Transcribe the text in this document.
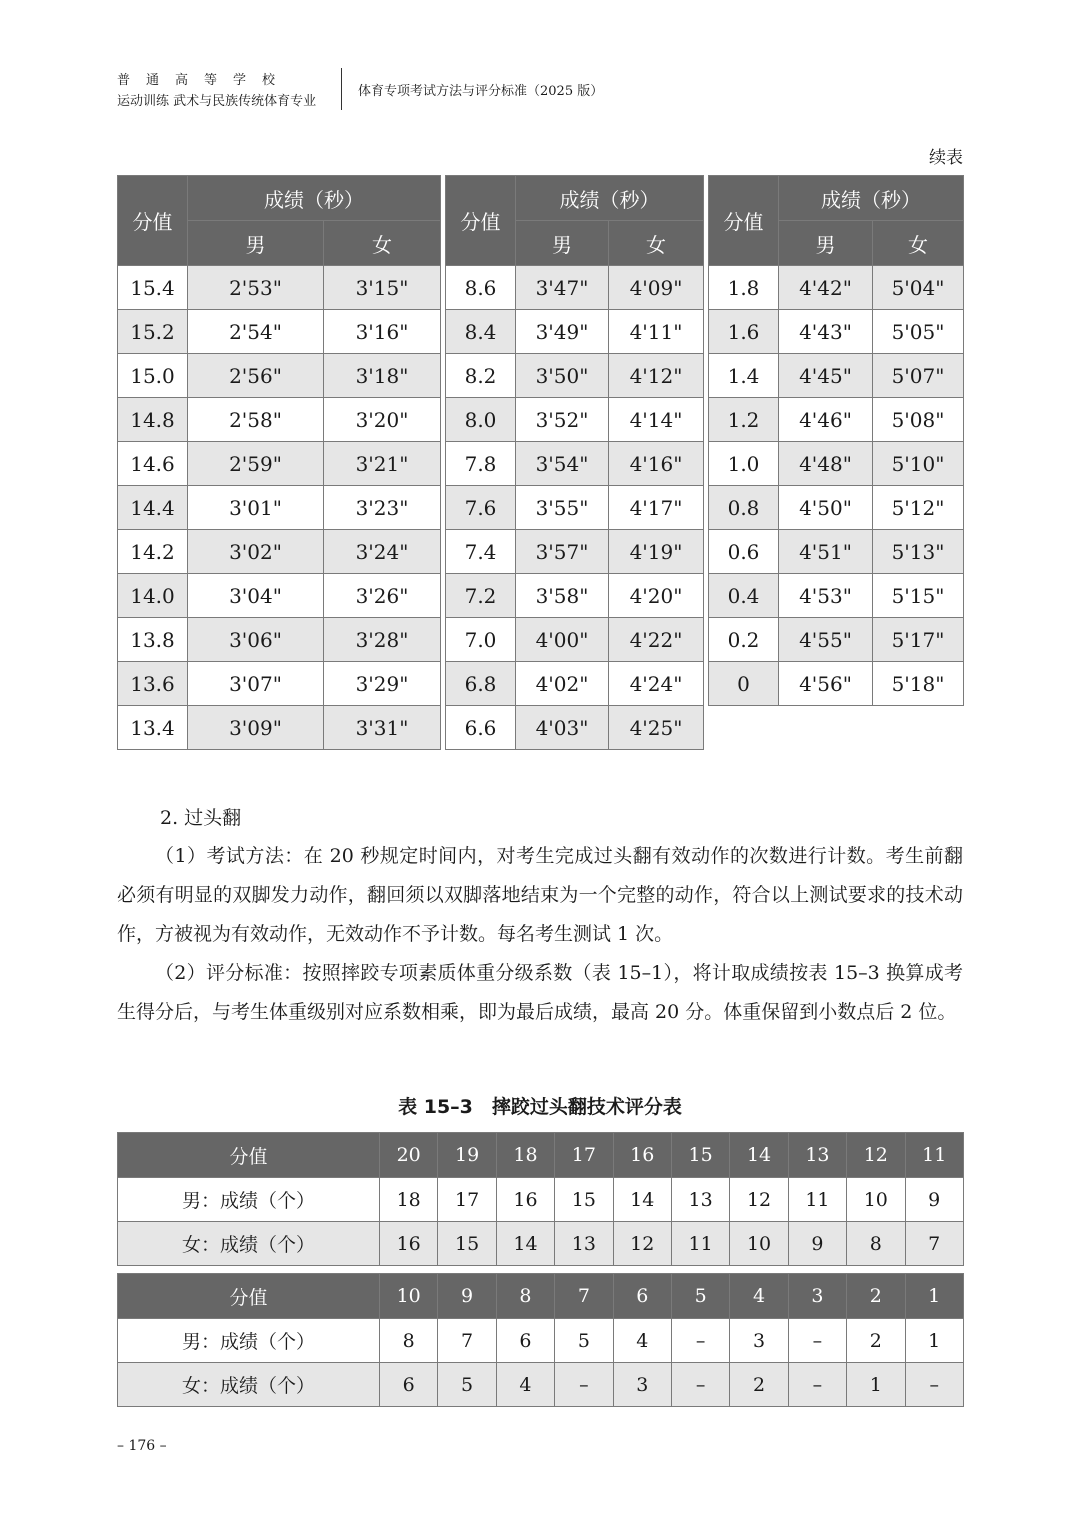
普通高等学校
运动训练 武术与民族传统体育专业
体育专项考试方法与评分标准（2025 版）
续表
分值	成绩（秒）	
	男	女
15.4	2'53"	3'15"
15.2	2'54"	3'16"
15.0	2'56"	3'18"
14.8	2'58"	3'20"
14.6	2'59"	3'21"
14.4	3'01"	3'23"
14.2	3'02"	3'24"
14.0	3'04"	3'26"
13.8	3'06"	3'28"
13.6	3'07"	3'29"
13.4	3'09"	3'31"
分值	成绩（秒）	
	男	女
8.6	3'47"	4'09"
8.4	3'49"	4'11"
8.2	3'50"	4'12"
8.0	3'52"	4'14"
7.8	3'54"	4'16"
7.6	3'55"	4'17"
7.4	3'57"	4'19"
7.2	3'58"	4'20"
7.0	4'00"	4'22"
6.8	4'02"	4'24"
6.6	4'03"	4'25"
分值	成绩（秒）	
	男	女
1.8	4'42"	5'04"
1.6	4'43"	5'05"
1.4	4'45"	5'07"
1.2	4'46"	5'08"
1.0	4'48"	5'10"
0.8	4'50"	5'12"
0.6	4'51"	5'13"
0.4	4'53"	5'15"
0.2	4'55"	5'17"
0	4'56"	5'18"
2. 过头翻

（1）考试方法：在 20 秒规定时间内，对考生完成过头翻有效动作的次数进行计数。考生前翻必须有明显的双脚发力动作，翻回须以双脚落地结束为一个完整的动作，符合以上测试要求的技术动作，方被视为有效动作，无效动作不予计数。每名考生测试 1 次。

（2）评分标准：按照摔跤专项素质体重分级系数（表 15–1），将计取成绩按表 15–3 换算成考生得分后，与考生体重级别对应系数相乘，即为最后成绩，最高 20 分。体重保留到小数点后 2 位。

表 15–3　摔跤过头翻技术评分表
分值	20	19	18	17	16	15	14	13	12	11
男：成绩（个）	18	17	16	15	14	13	12	11	10	9
女：成绩（个）	16	15	14	13	12	11	10	9	8	7
分值	10	9	8	7	6	5	4	3	2	1
男：成绩（个）	8	7	6	5	4	–	3	–	2	1
女：成绩（个）	6	5	4	–	3	–	2	–	1	–
– 176 –
